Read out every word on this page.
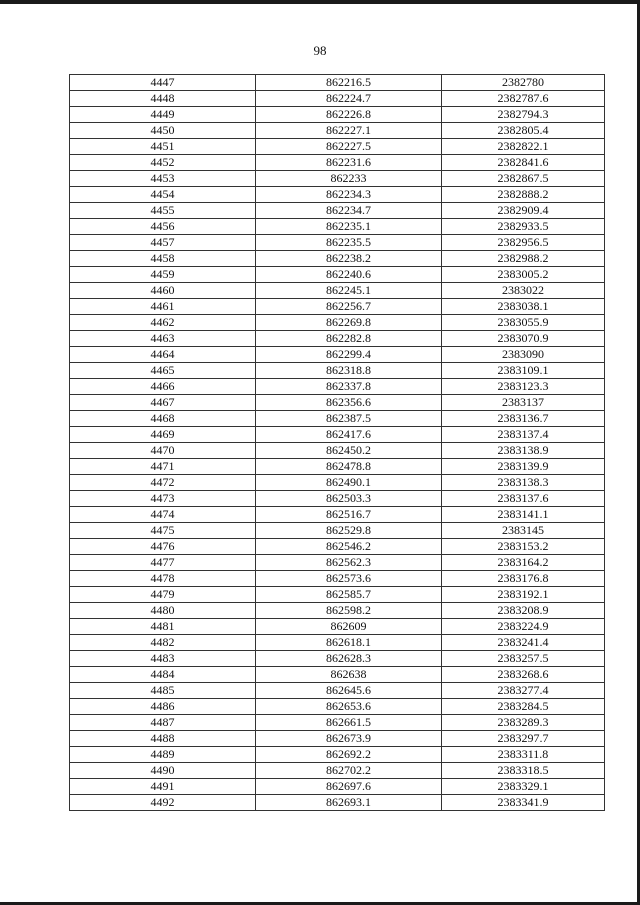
98
4447	862216.5	2382780
4448	862224.7	2382787.6
4449	862226.8	2382794.3
4450	862227.1	2382805.4
4451	862227.5	2382822.1
4452	862231.6	2382841.6
4453	862233	2382867.5
4454	862234.3	2382888.2
4455	862234.7	2382909.4
4456	862235.1	2382933.5
4457	862235.5	2382956.5
4458	862238.2	2382988.2
4459	862240.6	2383005.2
4460	862245.1	2383022
4461	862256.7	2383038.1
4462	862269.8	2383055.9
4463	862282.8	2383070.9
4464	862299.4	2383090
4465	862318.8	2383109.1
4466	862337.8	2383123.3
4467	862356.6	2383137
4468	862387.5	2383136.7
4469	862417.6	2383137.4
4470	862450.2	2383138.9
4471	862478.8	2383139.9
4472	862490.1	2383138.3
4473	862503.3	2383137.6
4474	862516.7	2383141.1
4475	862529.8	2383145
4476	862546.2	2383153.2
4477	862562.3	2383164.2
4478	862573.6	2383176.8
4479	862585.7	2383192.1
4480	862598.2	2383208.9
4481	862609	2383224.9
4482	862618.1	2383241.4
4483	862628.3	2383257.5
4484	862638	2383268.6
4485	862645.6	2383277.4
4486	862653.6	2383284.5
4487	862661.5	2383289.3
4488	862673.9	2383297.7
4489	862692.2	2383311.8
4490	862702.2	2383318.5
4491	862697.6	2383329.1
4492	862693.1	2383341.9
